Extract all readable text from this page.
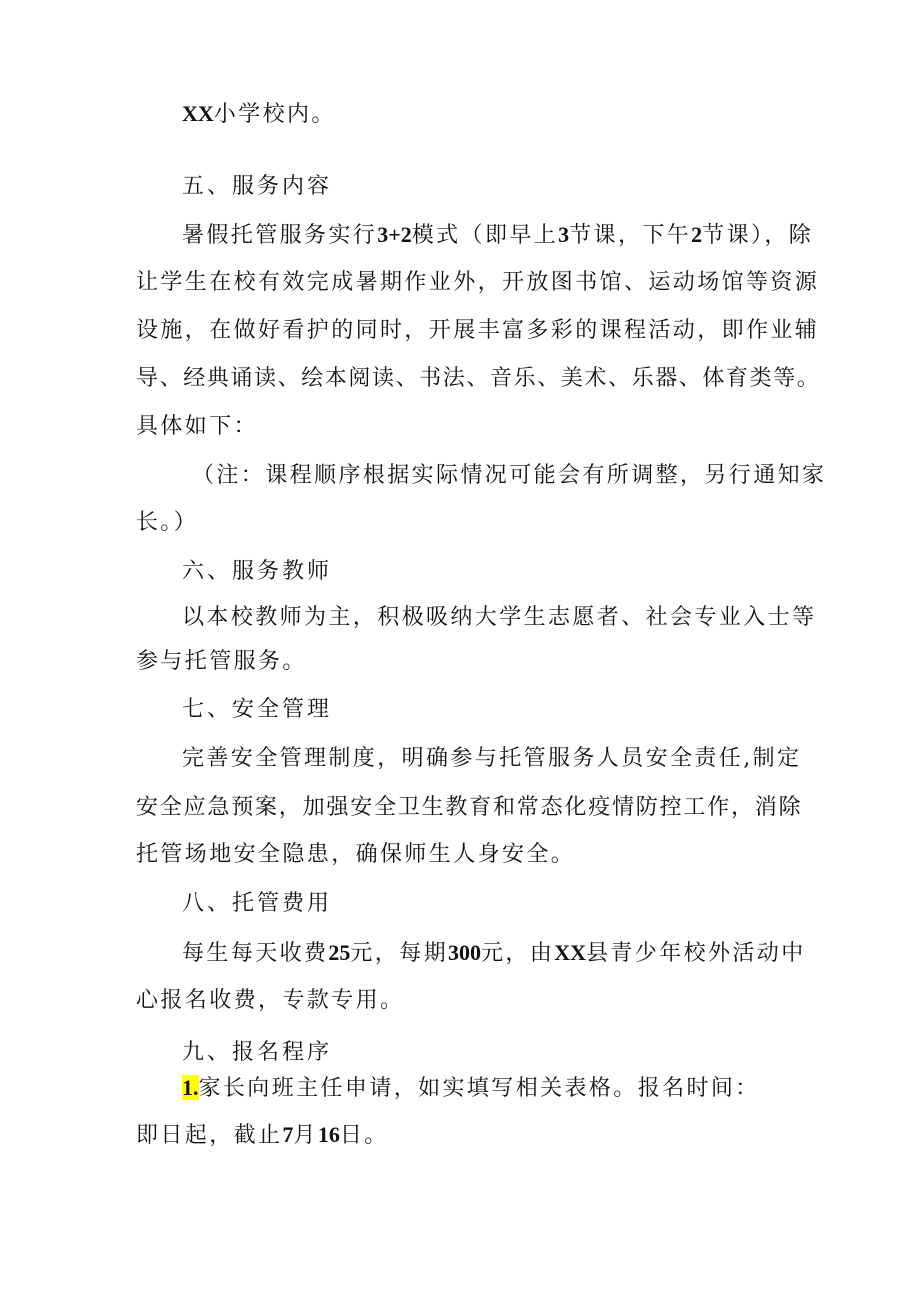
XX小学校内。
五、服务内容
暑假托管服务实行3+2模式（即早上3节课，下午2节课），除
让学生在校有效完成暑期作业外，开放图书馆、运动场馆等资源
设施，在做好看护的同时，开展丰富多彩的课程活动，即作业辅
导、经典诵读、绘本阅读、书法、音乐、美术、乐器、体育类等。
具体如下：
（注：课程顺序根据实际情况可能会有所调整，另行通知家
长。）
六、服务教师
以本校教师为主，积极吸纳大学生志愿者、社会专业入士等
参与托管服务。
七、安全管理
完善安全管理制度，明确参与托管服务人员安全责任,制定
安全应急预案，加强安全卫生教育和常态化疫情防控工作，消除
托管场地安全隐患，确保师生人身安全。
八、托管费用
每生每天收费25元，每期300元，由XX县青少年校外活动中
心报名收费，专款专用。
九、报名程序
1.家长向班主任申请，如实填写相关表格。报名时间：
即日起，截止7月16日。
